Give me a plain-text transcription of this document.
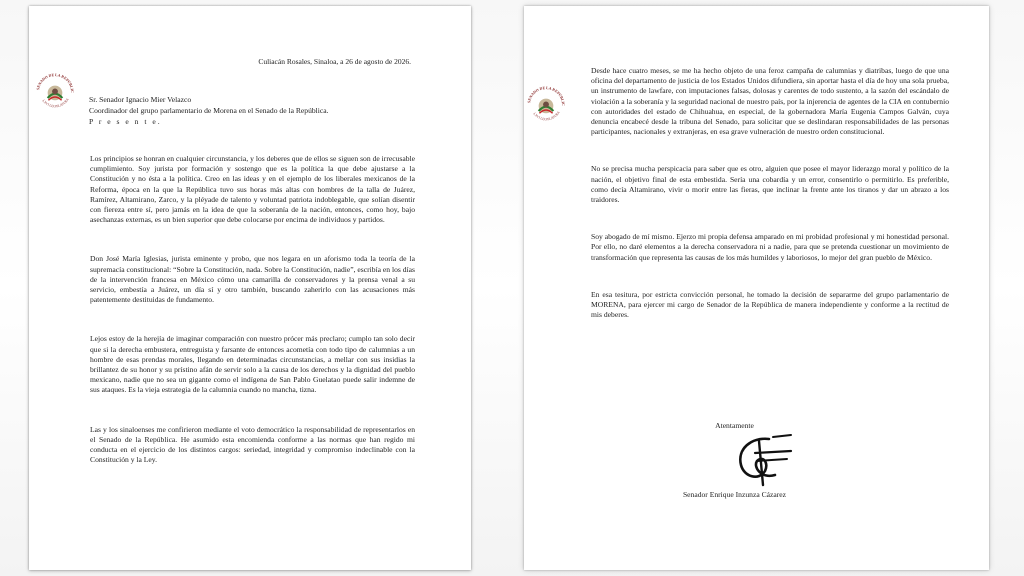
SENADO DE LA REPÚBLIC
LXVI LEGISLATURA
Culiacán Rosales, Sinaloa, a 26 de agosto de 2026.
Sr. Senador Ignacio Mier Velazco
Coordinador del grupo parlamentario de Morena en el Senado de la República.
P r e s e n t e.

Los principios se honran en cualquier circunstancia, y los deberes que de ellos se siguen son de irrecusable cumplimiento. Soy jurista por formación y sostengo que es la política la que debe ajustarse a la Constitución y no ésta a la política. Creo en las ideas y en el ejemplo de los liberales mexicanos de la Reforma, época en la que la República tuvo sus horas más altas con hombres de la talla de Juárez, Ramírez, Altamirano, Zarco, y la pléyade de talento y voluntad patriota indoblegable, que solían disentir con fiereza entre sí, pero jamás en la idea de que la soberanía de la nación, entonces, como hoy, bajo asechanzas externas, es un bien superior que debe colocarse por encima de individuos y partidos.

Don José María Iglesias, jurista eminente y probo, que nos legara en un aforismo toda la teoría de la supremacía constitucional: “Sobre la Constitución, nada. Sobre la Constitución, nadie”, escribía en los días de la intervención francesa en México cómo una camarilla de conservadores y la prensa venal a su servicio, embestía a Juárez, un día sí y otro también, buscando zaherirlo con las acusaciones más patentemente destituidas de fundamento.

Lejos estoy de la herejía de imaginar comparación con nuestro prócer más preclaro; cumplo tan solo decir que si la derecha embustera, entreguista y farsante de entonces acometía con todo tipo de calumnias a un hombre de esas prendas morales, llegando en determinadas circunstancias, a mellar con sus insidias la brillantez de su honor y su prístino afán de servir solo a la causa de los derechos y la dignidad del pueblo mexicano, nadie que no sea un gigante como el indígena de San Pablo Guelatao puede salir indemne de sus ataques. Es la vieja estrategia de la calumnia cuando no mancha, tizna.

Las y los sinaloenses me confirieron mediante el voto democrático la responsabilidad de representarlos en el Senado de la República. He asumido esta encomienda conforme a las normas que han regido mi conducta en el ejercicio de los distintos cargos: seriedad, integridad y compromiso indeclinable con la Constitución y la Ley.

SENADO DE LA REPÚBLIC
LXVI LEGISLATURA

Desde hace cuatro meses, se me ha hecho objeto de una feroz campaña de calumnias y diatribas, luego de que una oficina del departamento de justicia de los Estados Unidos difundiera, sin aportar hasta el día de hoy una sola prueba, un instrumento de lawfare, con imputaciones falsas, dolosas y carentes de todo sustento, a la sazón del escándalo de violación a la soberanía y la seguridad nacional de nuestro país, por la injerencia de agentes de la CIA en contubernio con autoridades del estado de Chihuahua, en especial, de la gobernadora María Eugenia Campos Galván, cuya denuncia encabecé desde la tribuna del Senado, para solicitar que se deslindaran responsabilidades de las personas participantes, nacionales y extranjeras, en esa grave vulneración de nuestro orden constitucional.

No se precisa mucha perspicacia para saber que es otro, alguien que posee el mayor liderazgo moral y político de la nación, el objetivo final de esta embestida. Sería una cobardía y un error, consentirlo o permitirlo. Es preferible, como decía Altamirano, vivir o morir entre las fieras, que inclinar la frente ante los tiranos y dar un abrazo a los traidores.

Soy abogado de mí mismo. Ejerzo mi propia defensa amparado en mi probidad profesional y mi honestidad personal. Por ello, no daré elementos a la derecha conservadora ni a nadie, para que se pretenda cuestionar un movimiento de transformación que representa las causas de los más humildes y laboriosos, lo mejor del gran pueblo de México.

En esa tesitura, por estricta convicción personal, he tomado la decisión de separarme del grupo parlamentario de MORENA, para ejercer mi cargo de Senador de la República de manera independiente y conforme a la rectitud de mis deberes.

Atentamente
Senador Enrique Inzunza Cázarez
